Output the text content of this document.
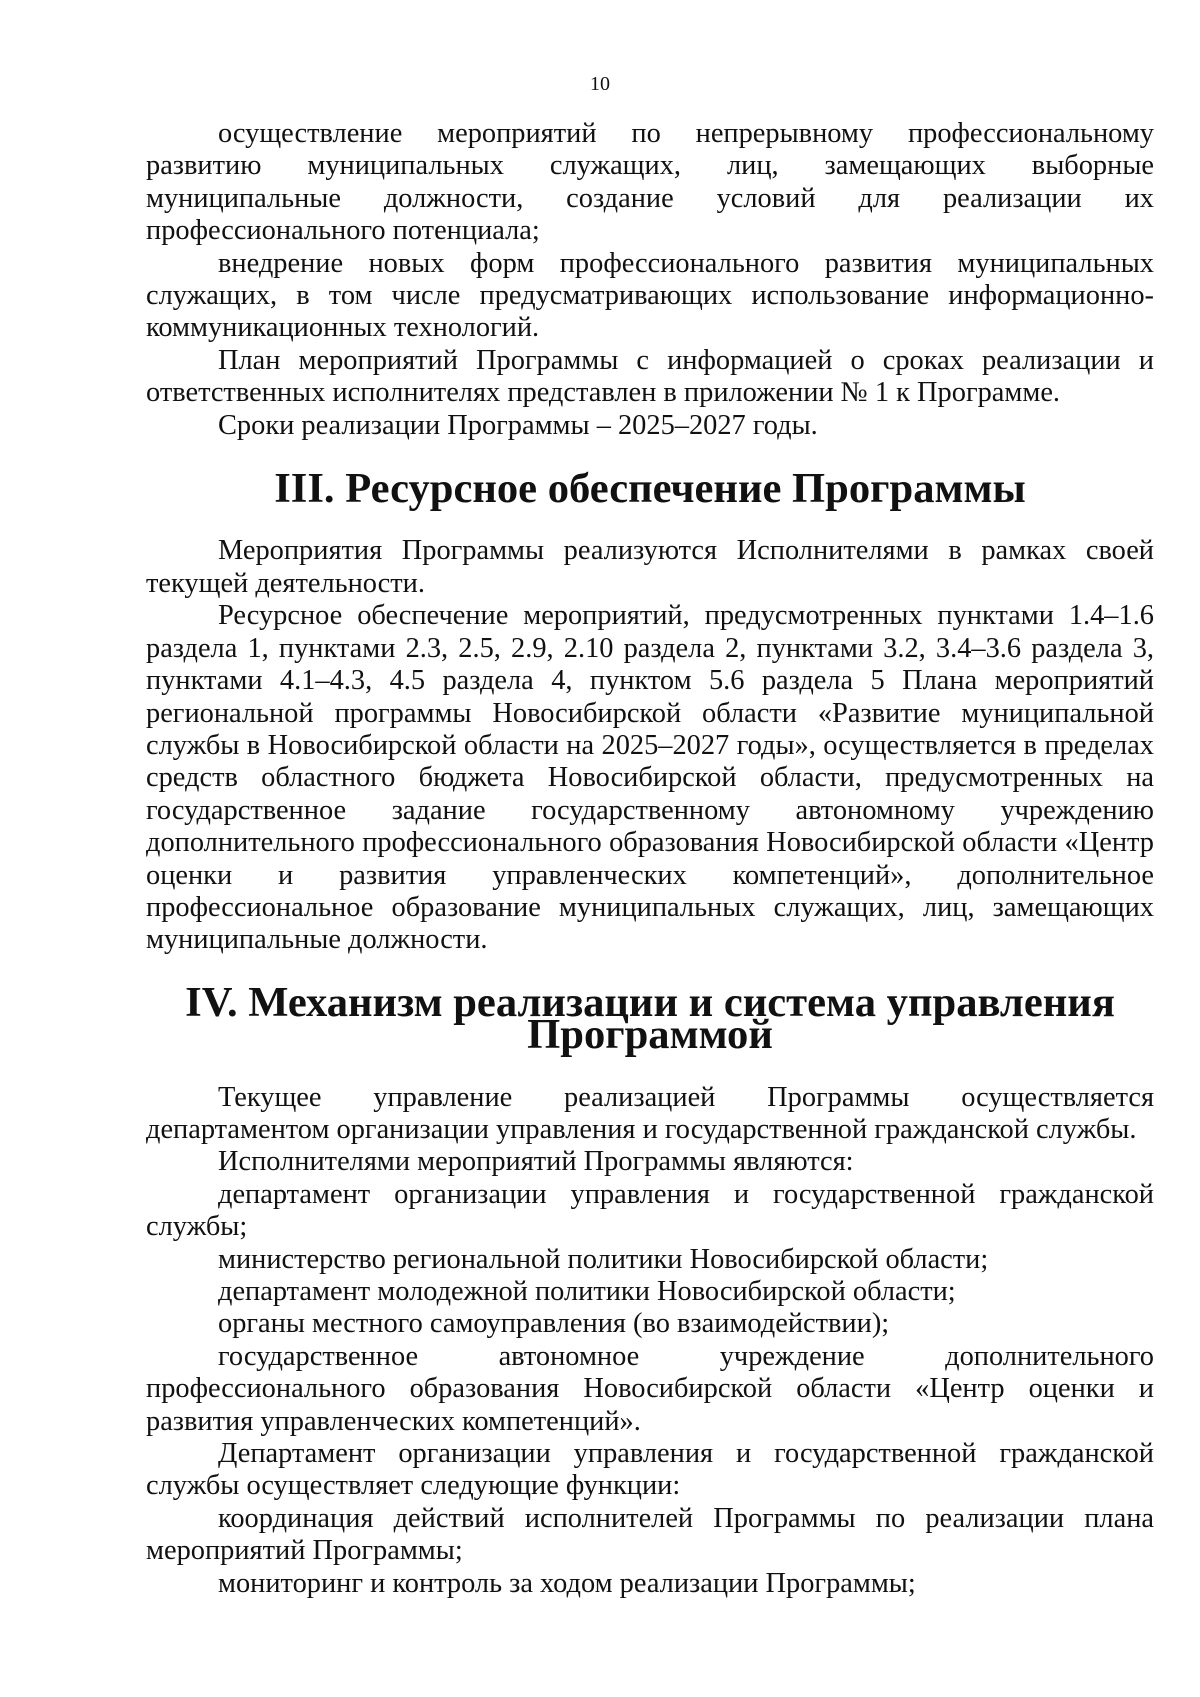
10

осуществление мероприятий по непрерывному профессиональному развитию муниципальных служащих, лиц, замещающих выборные муниципальные должности, создание условий для реализации их профессионального потенциала;

внедрение новых форм профессионального развития муниципальных служащих, в том числе предусматривающих использование информационно-коммуникационных технологий.

План мероприятий Программы с информацией о сроках реализации и ответственных исполнителях представлен в приложении № 1 к Программе.

Сроки реализации Программы – 2025–2027 годы.

III. Ресурсное обеспечение Программы

Мероприятия Программы реализуются Исполнителями в рамках своей текущей деятельности.

Ресурсное обеспечение мероприятий, предусмотренных пунктами 1.4–1.6 раздела 1, пунктами 2.3, 2.5, 2.9, 2.10 раздела 2, пунктами 3.2, 3.4–3.6 раздела 3, пунктами 4.1–4.3, 4.5 раздела 4, пунктом 5.6 раздела 5 Плана мероприятий региональной программы Новосибирской области «Развитие муниципальной службы в Новосибирской области на 2025–2027 годы», осуществляется в пределах средств областного бюджета Новосибирской области, предусмотренных на государственное задание государственному автономному учреждению дополнительного профессионального образования Новосибирской области «Центр оценки и развития управленческих компетенций», дополнительное профессиональное образование муниципальных служащих, лиц, замещающих муниципальные должности.

IV. Механизм реализации и система управления Программой

Текущее управление реализацией Программы осуществляется департаментом организации управления и государственной гражданской службы.

Исполнителями мероприятий Программы являются:

департамент организации управления и государственной гражданской службы;

министерство региональной политики Новосибирской области;

департамент молодежной политики Новосибирской области;

органы местного самоуправления (во взаимодействии);

государственное автономное учреждение дополнительного профессионального образования Новосибирской области «Центр оценки и развития управленческих компетенций».

Департамент организации управления и государственной гражданской службы осуществляет следующие функции:

координация действий исполнителей Программы по реализации плана мероприятий Программы;

мониторинг и контроль за ходом реализации Программы;
